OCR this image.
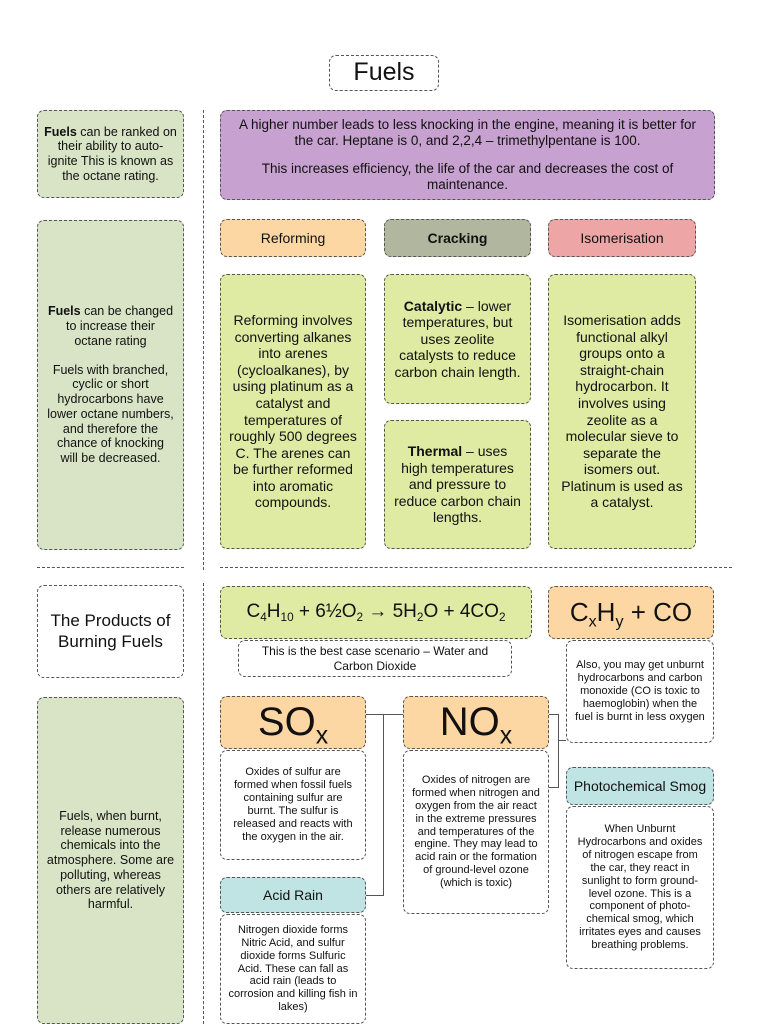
Fuels

Fuels can be ranked on their ability to auto-ignite This is known as the octane rating.

A higher number leads to less knocking in the engine, meaning it is better for the car. Heptane is 0, and 2,2,4 – trimethylpentane is 100.

This increases efficiency, the life of the car and decreases the cost of maintenance.

Fuels can be changed to increase their octane rating

Fuels with branched, cyclic or short hydrocarbons have lower octane numbers, and therefore the chance of knocking will be decreased.

Reforming	Cracking	Isomerisation

Reforming involves converting alkanes into arenes (cycloalkanes), by using platinum as a catalyst and temperatures of roughly 500 degrees C. The arenes can be further reformed into aromatic compounds.

Catalytic – lower temperatures, but uses zeolite catalysts to reduce carbon chain length.

Thermal – uses high temperatures and pressure to reduce carbon chain lengths.

Isomerisation adds functional alkyl groups onto a straight-chain hydrocarbon. It involves using zeolite as a molecular sieve to separate the isomers out. Platinum is used as a catalyst.

The Products of Burning Fuels

Fuels, when burnt, release numerous chemicals into the atmosphere. Some are polluting, whereas others are relatively harmful.

$C_4H_{10}$ + $6\frac{1}{2}O_2 \to 5H_2O + 4CO_2$

This is the best case scenario – Water and Carbon Dioxide

$C_xH_y$ + CO

Also, you may get unburnt hydrocarbons and carbon monoxide (CO is toxic to haemoglobin) when the fuel is burnt in less oxygen

$SO_x$

Oxides of sulfur are formed when fossil fuels containing sulfur are burnt. The sulfur is released and reacts with the oxygen in the air.

$NO_x$

Oxides of nitrogen are formed when nitrogen and oxygen from the air react in the extreme pressures and temperatures of the engine. They may lead to acid rain or the formation of ground-level ozone (which is toxic)

Acid Rain

Nitrogen dioxide forms Nitric Acid, and sulfur dioxide forms Sulfuric Acid. These can fall as acid rain (leads to corrosion and killing fish in lakes)

Photochemical Smog

When Unburnt Hydrocarbons and oxides of nitrogen escape from the car, they react in sunlight to form ground-level ozone. This is a component of photo-chemical smog, which irritates eyes and causes breathing problems.
